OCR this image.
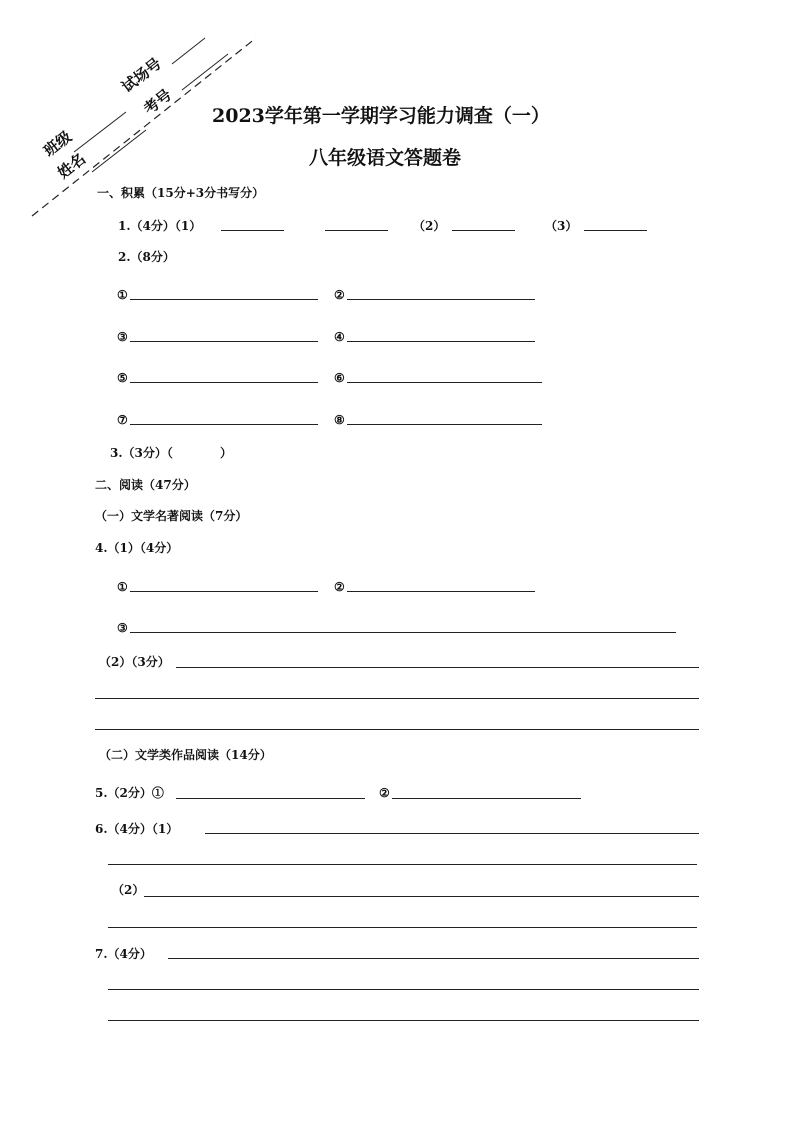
班级
试场号
姓名
考号 2023学年第一学期学习能力调查（一）
八年级语文答题卷
一、积累（15分+3分书写分）
1.（4分）（1）	（2）	（3）
2.（8分）
①	②
③	④
⑤	⑥
⑦	⑧
3.（3分）（	）
二、阅读（47分）
（一）文学名著阅读（7分）
4.（1）（4分）
①	②
③
（2）（3分）
（二）文学类作品阅读（14分）
5.（2分）①	②
6.（4分）（1）
（2）
7.（4分）
